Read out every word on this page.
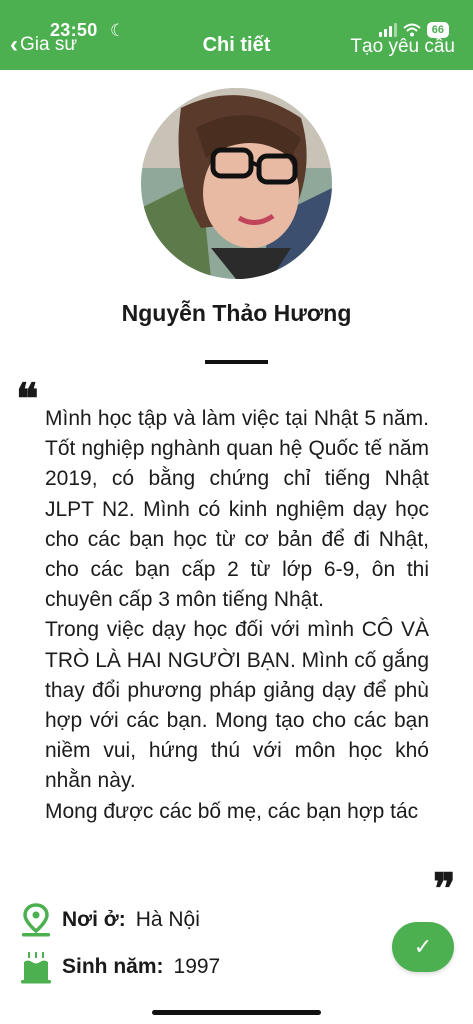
23:50 ☾	66
‹ Gia sư	Chi tiết	Tạo yêu cầu
Nguyễn Thảo Hương
❝ Mình học tập và làm việc tại Nhật 5 năm. Tốt nghiệp nghành quan hệ Quốc tế năm 2019, có bằng chứng chỉ tiếng Nhật JLPT N2. Mình có kinh nghiệm dạy học cho các bạn học từ cơ bản để đi Nhật, cho các bạn cấp 2 từ lớp 6-9, ôn thi chuyên cấp 3 môn tiếng Nhật.
Trong việc dạy học đối với mình CÔ VÀ TRÒ LÀ HAI NGƯỜI BẠN. Mình cố gắng thay đổi phương pháp giảng dạy để phù hợp với các bạn. Mong tạo cho các bạn niềm vui, hứng thú với môn học khó nhằn này.
Mong được các bố mẹ, các bạn hợp tác
❞
Nơi ở: Hà Nội
Sinh năm: 1997
✓
